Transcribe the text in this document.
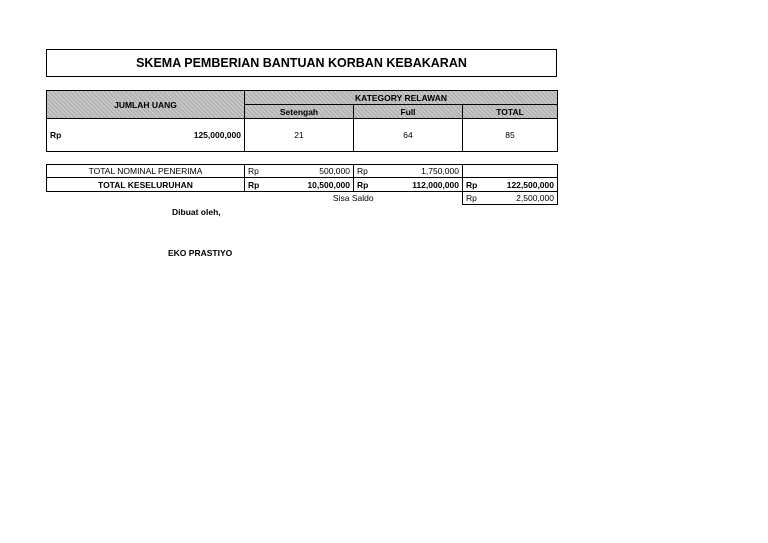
SKEMA PEMBERIAN BANTUAN KORBAN KEBAKARAN
JUMLAH UANG	KATEGORY RELAWAN		
	Setengah	Full	TOTAL

Rp 125,000,000	21	64	85
TOTAL NOMINAL PENERIMA	Rp 500,000	Rp 1,750,000	

TOTAL KESELURUHAN	Rp 10,500,000	Rp 112,000,000	Rp 122,500,000

	Sisa Saldo		Rp 2,500,000
Dibuat oleh,
EKO PRASTIYO
